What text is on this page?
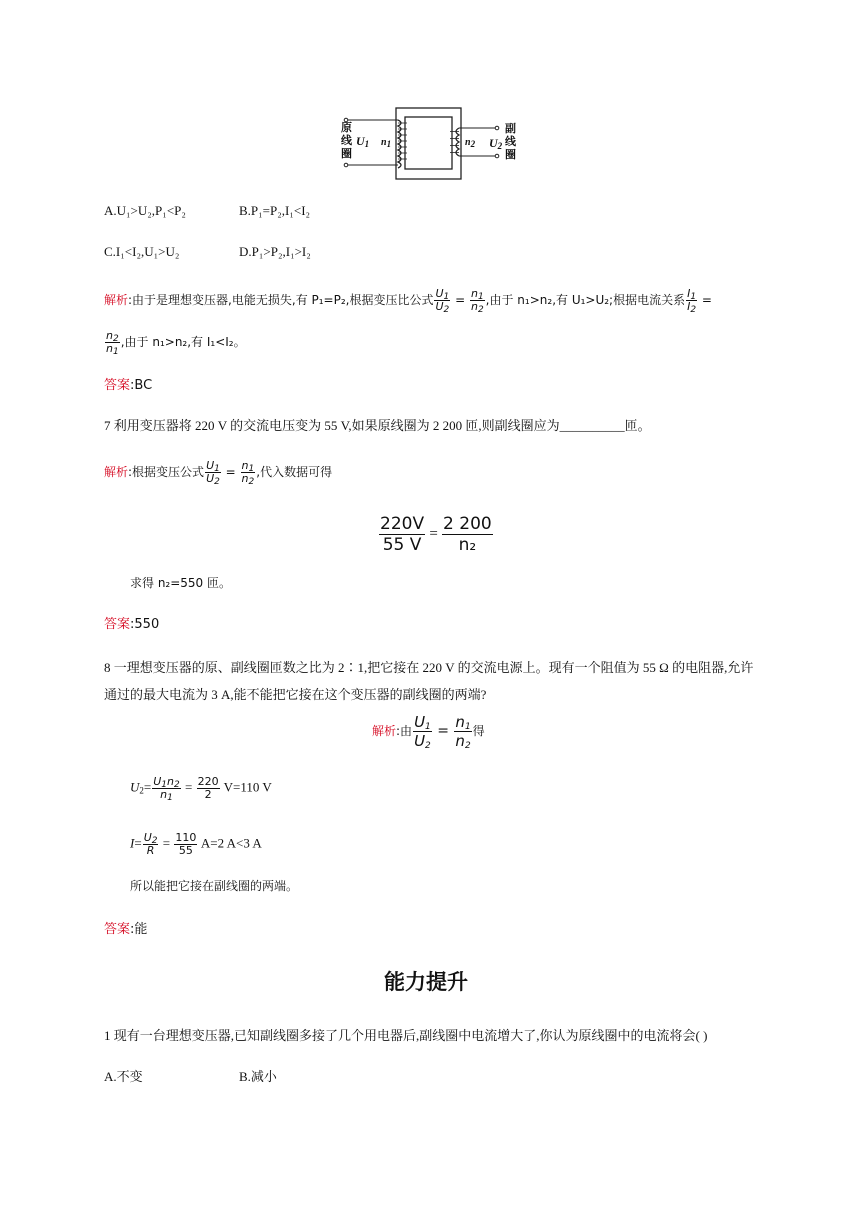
原
线
圈
$U_1$ $n_1$	$n_2$ $U_2$
副
线
圈
A.U₁>U₂,P₁<P₂	B.P₁=P₂,I₁<I₂
C.I₁<I₂,U₁>U₂	D.P₁>P₂,I₁>I₂
解析:由于是理想变压器,电能无损失,有 P₁=P₂,根据变压比公式 $\frac{U_1}{U_2} = \frac{n_1}{n_2}$ ,由于 n₁>n₂,有 U₁>U₂;根据电流关系 $\frac{I_1}{I_2}$ =
$\frac{n_2}{n_1}$ ,由于 n₁>n₂,有 I₁<I₂。
答案:BC
7 利用变压器将 220 V 的交流电压变为 55 V,如果原线圈为 2 200 匝,则副线圈应为__________匝。
解析:根据变压公式 $\frac{U_1}{U_2} = \frac{n_1}{n_2}$ ,代入数据可得
$\frac{220V}{55 V} = \frac{2 200}{\text{n₂}}$
求得 n₂=550 匝。
答案:550
8 一理想变压器的原、副线圈匝数之比为 2∶1,把它接在 220 V 的交流电源上。现有一个阻值为 55 Ω 的电阻器,允许
通过的最大电流为 3 A,能不能把它接在这个变压器的副线圈的两端?
解析:由 $\frac{U_1}{U_2} = \frac{n_1}{n_2}$ 得
$U_2= \frac{U_1n_2}{n_1} = \frac{220}{2} V=110$ V
$I= \frac{U_2}{R} = \frac{110}{55} A=2$ A<3 A
所以能把它接在副线圈的两端。
答案:能
能力提升
1 现有一台理想变压器,已知副线圈多接了几个用电器后,副线圈中电流增大了,你认为原线圈中的电流将会( )
A.不变	B.减小
